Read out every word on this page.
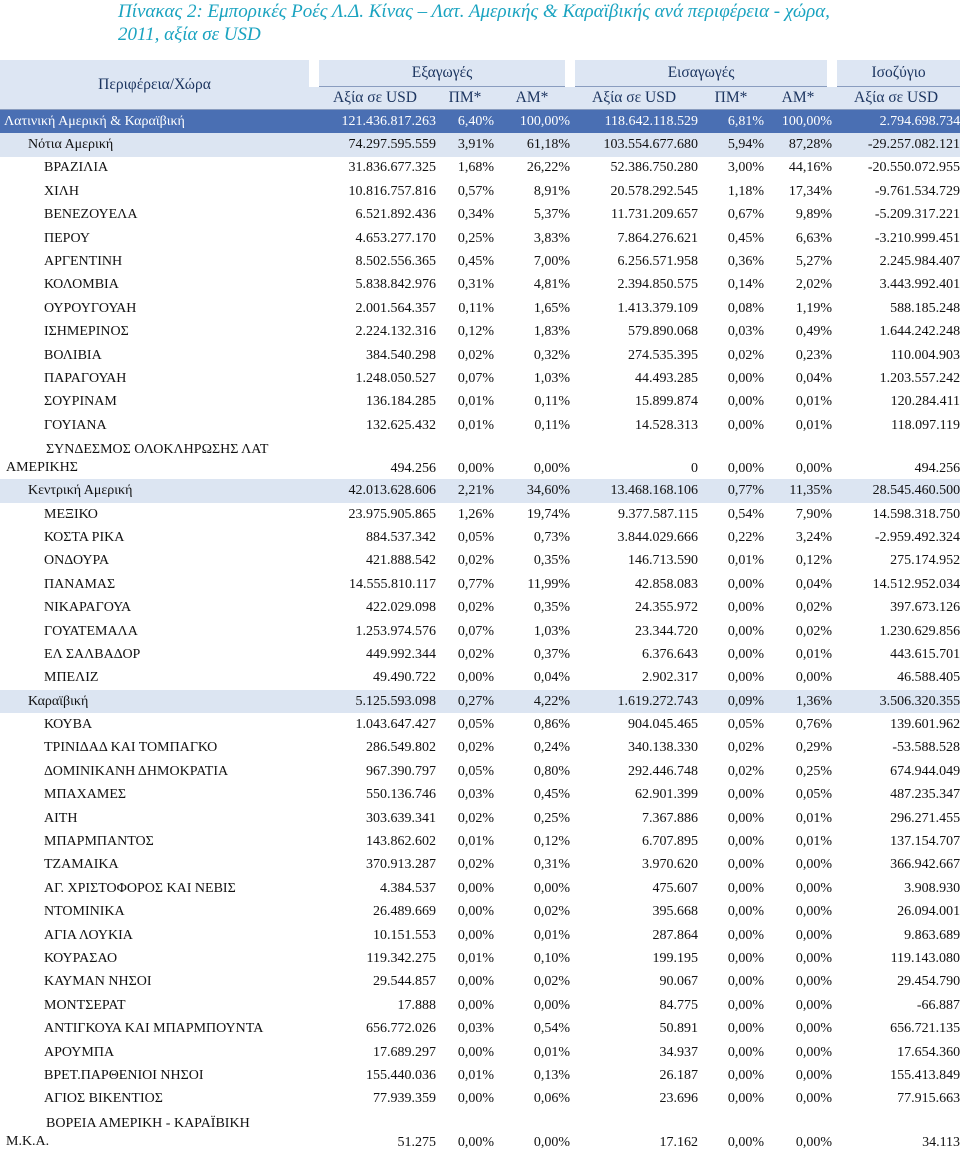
Πίνακας 2: Εμπορικές Ροές Λ.Δ. Κίνας – Λατ. Αμερικής & Καραϊβικής ανά περιφέρεια - χώρα,
2011, αξία σε USD
Περιφέρεια/Χώρα	Εξαγωγές			Εισαγωγές			Ισοζύγιο
	Αξία σε USD	ΠΜ*	ΑΜ*	Αξία σε USD	ΠΜ*	ΑΜ*	Αξία σε USD
Λατινική Αμερική & Καραϊβική	121.436.817.263	6,40%	100,00%	118.642.118.529	6,81%	100,00%	2.794.698.734
Νότια Αμερική	74.297.595.559	3,91%	61,18%	103.554.677.680	5,94%	87,28%	-29.257.082.121
ΒΡΑΖΙΛΙΑ	31.836.677.325	1,68%	26,22%	52.386.750.280	3,00%	44,16%	-20.550.072.955
ΧΙΛΗ	10.816.757.816	0,57%	8,91%	20.578.292.545	1,18%	17,34%	-9.761.534.729
ΒΕΝΕΖΟΥΕΛΑ	6.521.892.436	0,34%	5,37%	11.731.209.657	0,67%	9,89%	-5.209.317.221
ΠΕΡΟΥ	4.653.277.170	0,25%	3,83%	7.864.276.621	0,45%	6,63%	-3.210.999.451
ΑΡΓΕΝΤΙΝΗ	8.502.556.365	0,45%	7,00%	6.256.571.958	0,36%	5,27%	2.245.984.407
ΚΟΛΟΜΒΙΑ	5.838.842.976	0,31%	4,81%	2.394.850.575	0,14%	2,02%	3.443.992.401
ΟΥΡΟΥΓΟΥΑΗ	2.001.564.357	0,11%	1,65%	1.413.379.109	0,08%	1,19%	588.185.248
ΙΣΗΜΕΡΙΝΟΣ	2.224.132.316	0,12%	1,83%	579.890.068	0,03%	0,49%	1.644.242.248
ΒΟΛΙΒΙΑ	384.540.298	0,02%	0,32%	274.535.395	0,02%	0,23%	110.004.903
ΠΑΡΑΓΟΥΑΗ	1.248.050.527	0,07%	1,03%	44.493.285	0,00%	0,04%	1.203.557.242
ΣΟΥΡΙΝΑΜ	136.184.285	0,01%	0,11%	15.899.874	0,00%	0,01%	120.284.411
ΓΟΥΙΑΝΑ	132.625.432	0,01%	0,11%	14.528.313	0,00%	0,01%	118.097.119

ΣΥΝΔΕΣΜΟΣ ΟΛΟΚΛΗΡΩΣΗΣ ΛΑΤ
ΑΜΕΡΙΚΗΣ	494.256	0,00%	0,00%	0	0,00%	0,00%	494.256
Κεντρική Αμερική	42.013.628.606	2,21%	34,60%	13.468.168.106	0,77%	11,35%	28.545.460.500
ΜΕΞΙΚΟ	23.975.905.865	1,26%	19,74%	9.377.587.115	0,54%	7,90%	14.598.318.750
ΚΟΣΤΑ ΡΙΚΑ	884.537.342	0,05%	0,73%	3.844.029.666	0,22%	3,24%	-2.959.492.324
ΟΝΔΟΥΡΑ	421.888.542	0,02%	0,35%	146.713.590	0,01%	0,12%	275.174.952
ΠΑΝΑΜΑΣ	14.555.810.117	0,77%	11,99%	42.858.083	0,00%	0,04%	14.512.952.034
ΝΙΚΑΡΑΓΟΥΑ	422.029.098	0,02%	0,35%	24.355.972	0,00%	0,02%	397.673.126
ΓΟΥΑΤΕΜΑΛΑ	1.253.974.576	0,07%	1,03%	23.344.720	0,00%	0,02%	1.230.629.856
ΕΛ ΣΑΛΒΑΔΟΡ	449.992.344	0,02%	0,37%	6.376.643	0,00%	0,01%	443.615.701
ΜΠΕΛΙΖ	49.490.722	0,00%	0,04%	2.902.317	0,00%	0,00%	46.588.405
Καραϊβική	5.125.593.098	0,27%	4,22%	1.619.272.743	0,09%	1,36%	3.506.320.355
ΚΟΥΒΑ	1.043.647.427	0,05%	0,86%	904.045.465	0,05%	0,76%	139.601.962
ΤΡΙΝΙΔΑΔ ΚΑΙ ΤΟΜΠΑΓΚΟ	286.549.802	0,02%	0,24%	340.138.330	0,02%	0,29%	-53.588.528
ΔΟΜΙΝΙΚΑΝΗ ΔΗΜΟΚΡΑΤΙΑ	967.390.797	0,05%	0,80%	292.446.748	0,02%	0,25%	674.944.049
ΜΠΑΧΑΜΕΣ	550.136.746	0,03%	0,45%	62.901.399	0,00%	0,05%	487.235.347
ΑΙΤΗ	303.639.341	0,02%	0,25%	7.367.886	0,00%	0,01%	296.271.455
ΜΠΑΡΜΠΑΝΤΟΣ	143.862.602	0,01%	0,12%	6.707.895	0,00%	0,01%	137.154.707
ΤΖΑΜΑΙΚΑ	370.913.287	0,02%	0,31%	3.970.620	0,00%	0,00%	366.942.667
ΑΓ. ΧΡΙΣΤΟΦΟΡΟΣ ΚΑΙ ΝΕΒΙΣ	4.384.537	0,00%	0,00%	475.607	0,00%	0,00%	3.908.930
ΝΤΟΜΙΝΙΚΑ	26.489.669	0,00%	0,02%	395.668	0,00%	0,00%	26.094.001
ΑΓΙΑ ΛΟΥΚΙΑ	10.151.553	0,00%	0,01%	287.864	0,00%	0,00%	9.863.689
ΚΟΥΡΑΣΑΟ	119.342.275	0,01%	0,10%	199.195	0,00%	0,00%	119.143.080
ΚΑΥΜΑΝ ΝΗΣΟΙ	29.544.857	0,00%	0,02%	90.067	0,00%	0,00%	29.454.790
ΜΟΝΤΣΕΡΑΤ	17.888	0,00%	0,00%	84.775	0,00%	0,00%	-66.887
ΑΝΤΙΓΚΟΥΑ ΚΑΙ ΜΠΑΡΜΠΟΥΝΤΑ	656.772.026	0,03%	0,54%	50.891	0,00%	0,00%	656.721.135
ΑΡΟΥΜΠΑ	17.689.297	0,00%	0,01%	34.937	0,00%	0,00%	17.654.360
ΒΡΕΤ.ΠΑΡΘΕΝΙΟΙ ΝΗΣΟΙ	155.440.036	0,01%	0,13%	26.187	0,00%	0,00%	155.413.849
ΑΓΙΟΣ ΒΙΚΕΝΤΙΟΣ	77.939.359	0,00%	0,06%	23.696	0,00%	0,00%	77.915.663

ΒΟΡΕΙΑ ΑΜΕΡΙΚΗ - ΚΑΡΑΪΒΙΚΗ
Μ.Κ.Α.	51.275	0,00%	0,00%	17.162	0,00%	0,00%	34.113
